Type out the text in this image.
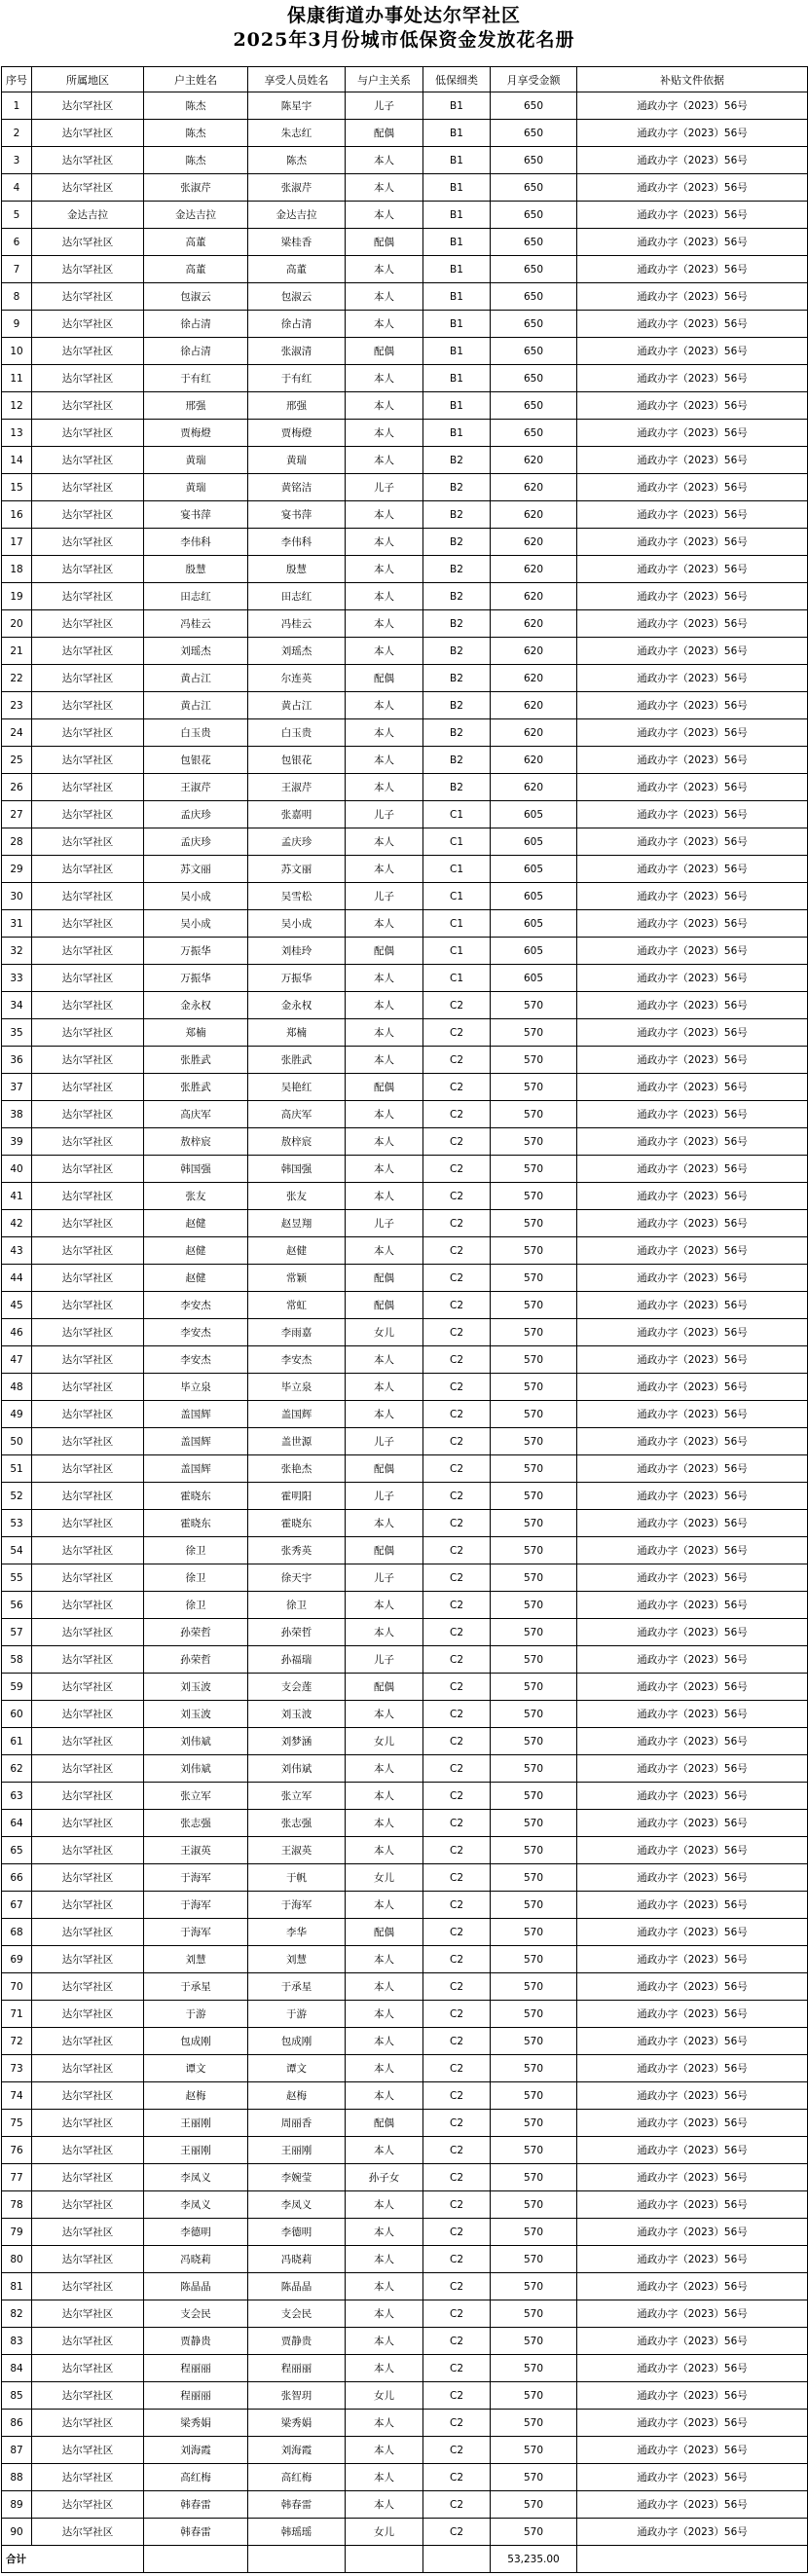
保康街道办事处达尔罕社区
2025年3月份城市低保资金发放花名册
序号	所属地区	户主姓名	享受人员姓名	与户主关系	低保细类	月享受金额	补贴文件依据
1	达尔罕社区	陈杰	陈星宇	儿子	B1	650	通政办字（2023）56号
2	达尔罕社区	陈杰	朱志红	配偶	B1	650	通政办字（2023）56号
3	达尔罕社区	陈杰	陈杰	本人	B1	650	通政办字（2023）56号
4	达尔罕社区	张淑芹	张淑芹	本人	B1	650	通政办字（2023）56号
5	金达吉拉	金达吉拉	金达吉拉	本人	B1	650	通政办字（2023）56号
6	达尔罕社区	高董	梁桂香	配偶	B1	650	通政办字（2023）56号
7	达尔罕社区	高董	高董	本人	B1	650	通政办字（2023）56号
8	达尔罕社区	包淑云	包淑云	本人	B1	650	通政办字（2023）56号
9	达尔罕社区	徐占清	徐占清	本人	B1	650	通政办字（2023）56号
10	达尔罕社区	徐占清	张淑清	配偶	B1	650	通政办字（2023）56号
11	达尔罕社区	于有红	于有红	本人	B1	650	通政办字（2023）56号
12	达尔罕社区	邢强	邢强	本人	B1	650	通政办字（2023）56号
13	达尔罕社区	贾梅燈	贾梅燈	本人	B1	650	通政办字（2023）56号
14	达尔罕社区	黄瑞	黄瑞	本人	B2	620	通政办字（2023）56号
15	达尔罕社区	黄瑞	黄铭洁	儿子	B2	620	通政办字（2023）56号
16	达尔罕社区	宴书萍	宴书萍	本人	B2	620	通政办字（2023）56号
17	达尔罕社区	李伟科	李伟科	本人	B2	620	通政办字（2023）56号
18	达尔罕社区	殷慧	殷慧	本人	B2	620	通政办字（2023）56号
19	达尔罕社区	田志红	田志红	本人	B2	620	通政办字（2023）56号
20	达尔罕社区	冯桂云	冯桂云	本人	B2	620	通政办字（2023）56号
21	达尔罕社区	刘瑶杰	刘瑶杰	本人	B2	620	通政办字（2023）56号
22	达尔罕社区	黄占江	尔连英	配偶	B2	620	通政办字（2023）56号
23	达尔罕社区	黄占江	黄占江	本人	B2	620	通政办字（2023）56号
24	达尔罕社区	白玉贵	白玉贵	本人	B2	620	通政办字（2023）56号
25	达尔罕社区	包银花	包银花	本人	B2	620	通政办字（2023）56号
26	达尔罕社区	王淑芹	王淑芹	本人	B2	620	通政办字（2023）56号
27	达尔罕社区	孟庆珍	张嘉明	儿子	C1	605	通政办字（2023）56号
28	达尔罕社区	孟庆珍	孟庆珍	本人	C1	605	通政办字（2023）56号
29	达尔罕社区	苏文丽	苏文丽	本人	C1	605	通政办字（2023）56号
30	达尔罕社区	吴小成	吴雪松	儿子	C1	605	通政办字（2023）56号
31	达尔罕社区	吴小成	吴小成	本人	C1	605	通政办字（2023）56号
32	达尔罕社区	万振华	刘桂玲	配偶	C1	605	通政办字（2023）56号
33	达尔罕社区	万振华	万振华	本人	C1	605	通政办字（2023）56号
34	达尔罕社区	金永权	金永权	本人	C2	570	通政办字（2023）56号
35	达尔罕社区	郑楠	郑楠	本人	C2	570	通政办字（2023）56号
36	达尔罕社区	张胜武	张胜武	本人	C2	570	通政办字（2023）56号
37	达尔罕社区	张胜武	吴艳红	配偶	C2	570	通政办字（2023）56号
38	达尔罕社区	高庆军	高庆军	本人	C2	570	通政办字（2023）56号
39	达尔罕社区	敖梓宸	敖梓宸	本人	C2	570	通政办字（2023）56号
40	达尔罕社区	韩国强	韩国强	本人	C2	570	通政办字（2023）56号
41	达尔罕社区	张友	张友	本人	C2	570	通政办字（2023）56号
42	达尔罕社区	赵健	赵昱翔	儿子	C2	570	通政办字（2023）56号
43	达尔罕社区	赵健	赵健	本人	C2	570	通政办字（2023）56号
44	达尔罕社区	赵健	常颖	配偶	C2	570	通政办字（2023）56号
45	达尔罕社区	李安杰	常虹	配偶	C2	570	通政办字（2023）56号
46	达尔罕社区	李安杰	李雨嘉	女儿	C2	570	通政办字（2023）56号
47	达尔罕社区	李安杰	李安杰	本人	C2	570	通政办字（2023）56号
48	达尔罕社区	毕立泉	毕立泉	本人	C2	570	通政办字（2023）56号
49	达尔罕社区	盖国辉	盖国辉	本人	C2	570	通政办字（2023）56号
50	达尔罕社区	盖国辉	盖世源	儿子	C2	570	通政办字（2023）56号
51	达尔罕社区	盖国辉	张艳杰	配偶	C2	570	通政办字（2023）56号
52	达尔罕社区	霍晓东	霍明阳	儿子	C2	570	通政办字（2023）56号
53	达尔罕社区	霍晓东	霍晓东	本人	C2	570	通政办字（2023）56号
54	达尔罕社区	徐卫	张秀英	配偶	C2	570	通政办字（2023）56号
55	达尔罕社区	徐卫	徐天宇	儿子	C2	570	通政办字（2023）56号
56	达尔罕社区	徐卫	徐卫	本人	C2	570	通政办字（2023）56号
57	达尔罕社区	孙荣哲	孙荣哲	本人	C2	570	通政办字（2023）56号
58	达尔罕社区	孙荣哲	孙福瑞	儿子	C2	570	通政办字（2023）56号
59	达尔罕社区	刘玉波	支会莲	配偶	C2	570	通政办字（2023）56号
60	达尔罕社区	刘玉波	刘玉波	本人	C2	570	通政办字（2023）56号
61	达尔罕社区	刘伟斌	刘梦涵	女儿	C2	570	通政办字（2023）56号
62	达尔罕社区	刘伟斌	刘伟斌	本人	C2	570	通政办字（2023）56号
63	达尔罕社区	张立军	张立军	本人	C2	570	通政办字（2023）56号
64	达尔罕社区	张志强	张志强	本人	C2	570	通政办字（2023）56号
65	达尔罕社区	王淑英	王淑英	本人	C2	570	通政办字（2023）56号
66	达尔罕社区	于海军	于帆	女儿	C2	570	通政办字（2023）56号
67	达尔罕社区	于海军	于海军	本人	C2	570	通政办字（2023）56号
68	达尔罕社区	于海军	李华	配偶	C2	570	通政办字（2023）56号
69	达尔罕社区	刘慧	刘慧	本人	C2	570	通政办字（2023）56号
70	达尔罕社区	于承星	于承星	本人	C2	570	通政办字（2023）56号
71	达尔罕社区	于游	于游	本人	C2	570	通政办字（2023）56号
72	达尔罕社区	包成刚	包成刚	本人	C2	570	通政办字（2023）56号
73	达尔罕社区	谭文	谭文	本人	C2	570	通政办字（2023）56号
74	达尔罕社区	赵梅	赵梅	本人	C2	570	通政办字（2023）56号
75	达尔罕社区	王丽刚	周丽香	配偶	C2	570	通政办字（2023）56号
76	达尔罕社区	王丽刚	王丽刚	本人	C2	570	通政办字（2023）56号
77	达尔罕社区	李凤义	李婉莹	孙子女	C2	570	通政办字（2023）56号
78	达尔罕社区	李凤义	李凤义	本人	C2	570	通政办字（2023）56号
79	达尔罕社区	李德明	李德明	本人	C2	570	通政办字（2023）56号
80	达尔罕社区	冯晓莉	冯晓莉	本人	C2	570	通政办字（2023）56号
81	达尔罕社区	陈晶晶	陈晶晶	本人	C2	570	通政办字（2023）56号
82	达尔罕社区	支会民	支会民	本人	C2	570	通政办字（2023）56号
83	达尔罕社区	贾静贵	贾静贵	本人	C2	570	通政办字（2023）56号
84	达尔罕社区	程丽丽	程丽丽	本人	C2	570	通政办字（2023）56号
85	达尔罕社区	程丽丽	张智玥	女儿	C2	570	通政办字（2023）56号
86	达尔罕社区	梁秀娟	梁秀娟	本人	C2	570	通政办字（2023）56号
87	达尔罕社区	刘海霞	刘海霞	本人	C2	570	通政办字（2023）56号
88	达尔罕社区	高红梅	高红梅	本人	C2	570	通政办字（2023）56号
89	达尔罕社区	韩春雷	韩春雷	本人	C2	570	通政办字（2023）56号
90	达尔罕社区	韩春雷	韩瑶瑶	女儿	C2	570	通政办字（2023）56号
合计						53,235.00	
